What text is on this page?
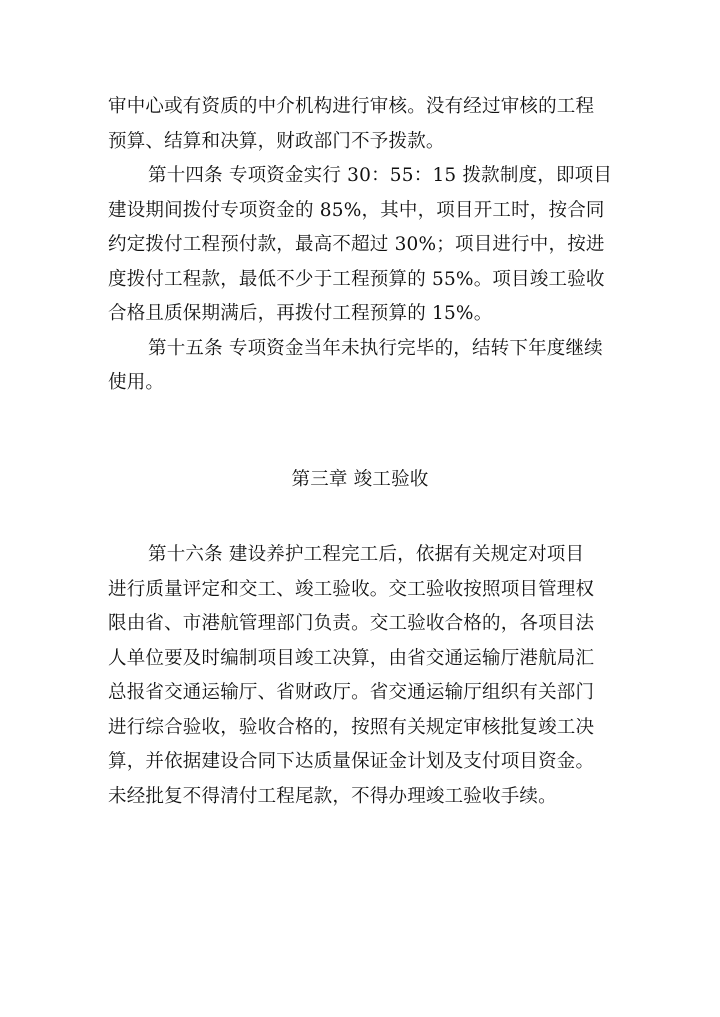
审中心或有资质的中介机构进行审核。没有经过审核的工程
预算、结算和决算，财政部门不予拨款。

第十四条 专项资金实行 30：55：15 拨款制度，即项目
建设期间拨付专项资金的 85%，其中，项目开工时，按合同
约定拨付工程预付款，最高不超过 30%；项目进行中，按进
度拨付工程款，最低不少于工程预算的 55%。项目竣工验收
合格且质保期满后，再拨付工程预算的 15%。

第十五条 专项资金当年未执行完毕的，结转下年度继续
使用。

第三章 竣工验收

第十六条 建设养护工程完工后，依据有关规定对项目
进行质量评定和交工、竣工验收。交工验收按照项目管理权
限由省、市港航管理部门负责。交工验收合格的，各项目法
人单位要及时编制项目竣工决算，由省交通运输厅港航局汇
总报省交通运输厅、省财政厅。省交通运输厅组织有关部门
进行综合验收，验收合格的，按照有关规定审核批复竣工决
算，并依据建设合同下达质量保证金计划及支付项目资金。
未经批复不得清付工程尾款，不得办理竣工验收手续。
